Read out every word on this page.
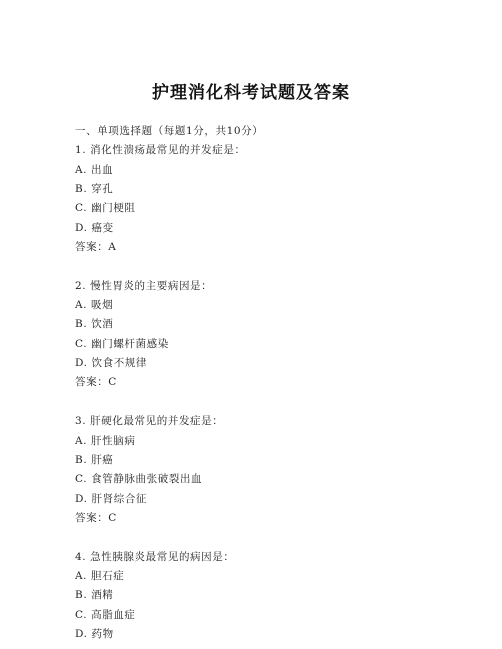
护理消化科考试题及答案
一、单项选择题（每题1分，共10分）
1. 消化性溃疡最常见的并发症是：
A. 出血
B. 穿孔
C. 幽门梗阻
D. 癌变
答案：A
2. 慢性胃炎的主要病因是：
A. 吸烟
B. 饮酒
C. 幽门螺杆菌感染
D. 饮食不规律
答案：C
3. 肝硬化最常见的并发症是：
A. 肝性脑病
B. 肝癌
C. 食管静脉曲张破裂出血
D. 肝肾综合征
答案：C
4. 急性胰腺炎最常见的病因是：
A. 胆石症
B. 酒精
C. 高脂血症
D. 药物
